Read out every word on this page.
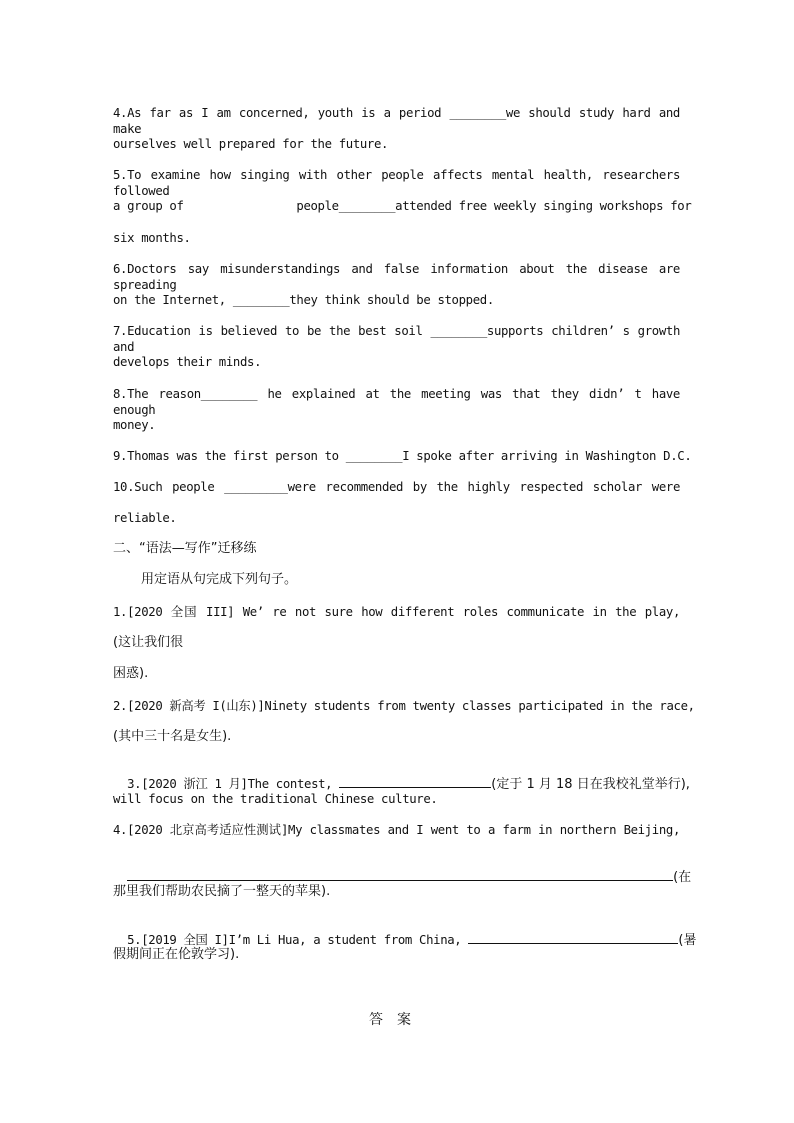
4.As far as I am concerned, youth is a period ________we should study hard and make
ourselves well prepared for the future.
5.To examine how singing with other people affects mental health, researchers followed
a group of                people________attended free weekly singing workshops for
six months.
6.Doctors say misunderstandings and false information about the disease are spreading
on the Internet, ________they think should be stopped.
7.Education is believed to be the best soil ________supports children’ s growth and
develops their minds.
8.The reason________ he explained at the meeting was that they didn’ t have enough
money.
9.Thomas was the first person to ________I spoke after arriving in Washington D.C.
10.Such people _________were recommended by the highly respected scholar were
reliable.
二、“语法—写作”迁移练
用定语从句完成下列句子。
1.[2020 全国 III] We’ re not sure how different roles communicate in the play,
(这让我们很
困惑).
2.[2020 新高考 I(山东)]Ninety students from twenty classes participated in the race,
(其中三十名是女生).

3.[2020 浙江 1 月]The contest,	(定于 1 月 18 日在我校礼堂举行),

will focus on the traditional Chinese culture.
4.[2020 北京高考适应性测试]My classmates and I went to a farm in northern Beijing,

(在

那里我们帮助农民摘了一整天的苹果).

5.[2019 全国 I]I’m Li Hua, a student from China,	(暑

假期间正在伦敦学习).
答案
